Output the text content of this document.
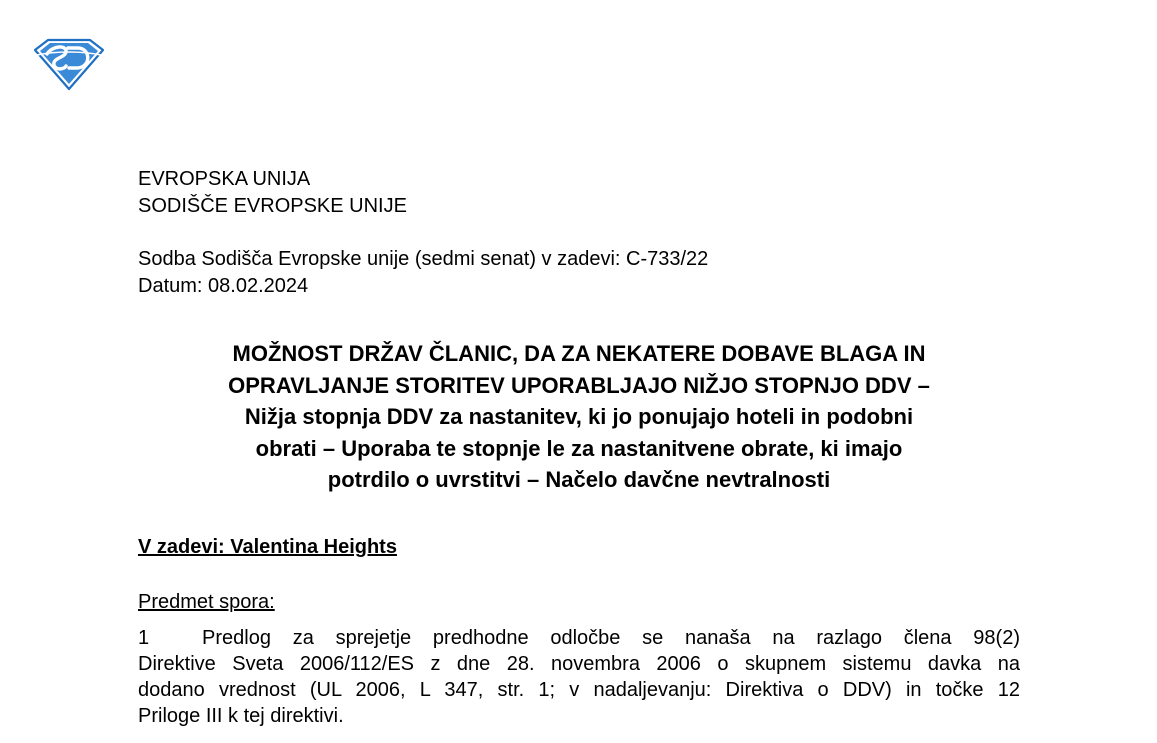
EVROPSKA UNIJA
SODIŠČE EVROPSKE UNIJE
Sodba Sodišča Evropske unije (sedmi senat) v zadevi: C-733/22
Datum: 08.02.2024
MOŽNOST DRŽAV ČLANIC, DA ZA NEKATERE DOBAVE BLAGA IN
OPRAVLJANJE STORITEV UPORABLJAJO NIŽJO STOPNJO DDV –
Nižja stopnja DDV za nastanitev, ki jo ponujajo hoteli in podobni
obrati – Uporaba te stopnje le za nastanitvene obrate, ki imajo
potrdilo o uvrstitvi – Načelo davčne nevtralnosti
V zadevi: Valentina Heights
Predmet spora:
1	Predlog za sprejetje predhodne odločbe se nanaša na razlago člena 98(2)
Direktive Sveta 2006/112/ES z dne 28. novembra 2006 o skupnem sistemu davka na
dodano vrednost (UL 2006, L 347, str. 1; v nadaljevanju: Direktiva o DDV) in točke 12
Priloge III k tej direktivi.
